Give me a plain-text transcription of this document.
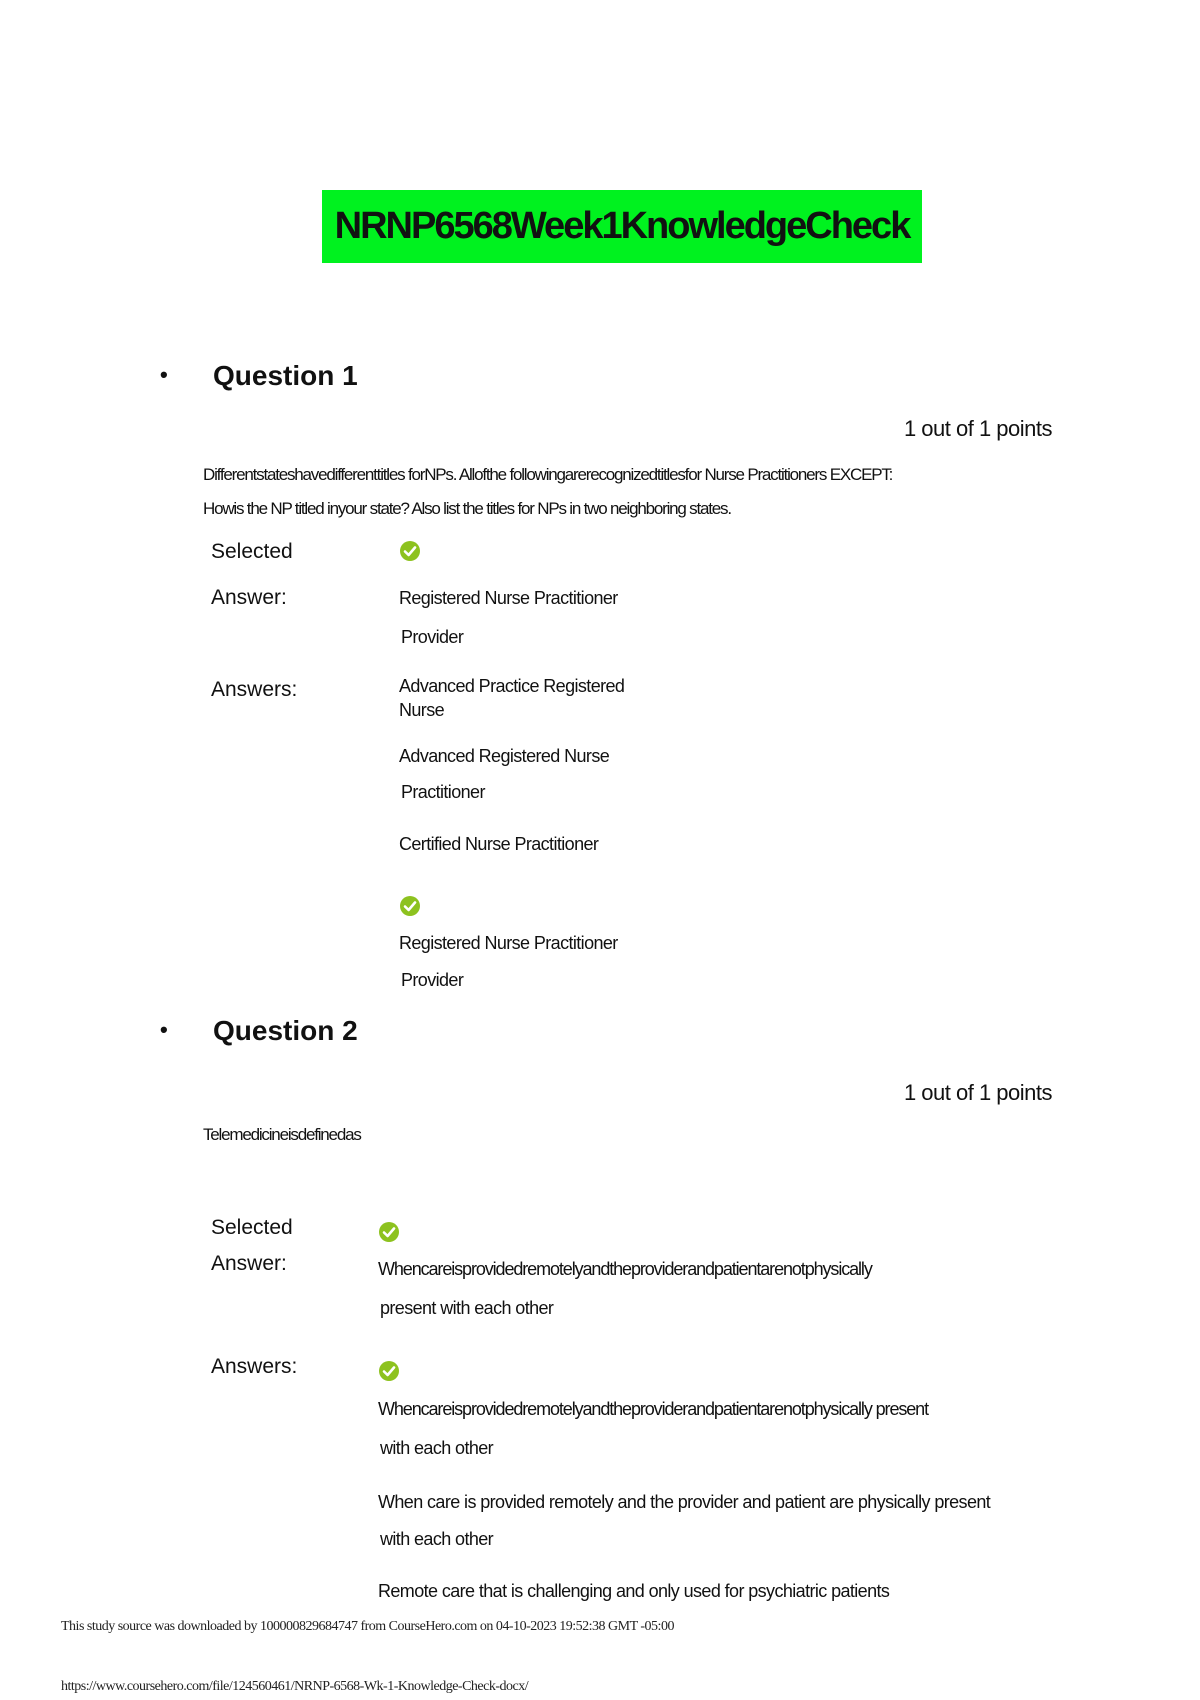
NRNP6568Week1KnowledgeCheck
• Question 1
1 out of 1 points
Differentstateshavedifferenttitles forNPs. Allofthe followingarerecognizedtitlesfor Nurse Practitioners EXCEPT:
Howis the NP titled inyour state? Also list the titles for NPs in two neighboring states.
Selected
Answer:	Registered Nurse Practitioner
Provider
Answers:	Advanced Practice Registered
Nurse
Advanced Registered Nurse
Practitioner
Certified Nurse Practitioner
Registered Nurse Practitioner
Provider
• Question 2
1 out of 1 points
Telemedicineisdefinedas
Selected
Answer:	Whencareisprovidedremotelyandtheproviderandpatientarenotphysically
present with each other
Answers:
Whencareisprovidedremotelyandtheproviderandpatientarenotphysically present
with each other
When care is provided remotely and the provider and patient are physically present
with each other
Remote care that is challenging and only used for psychiatric patients
This study source was downloaded by 100000829684747 from CourseHero.com on 04-10-2023 19:52:38 GMT -05:00
https://www.coursehero.com/file/124560461/NRNP-6568-Wk-1-Knowledge-Check-docx/
